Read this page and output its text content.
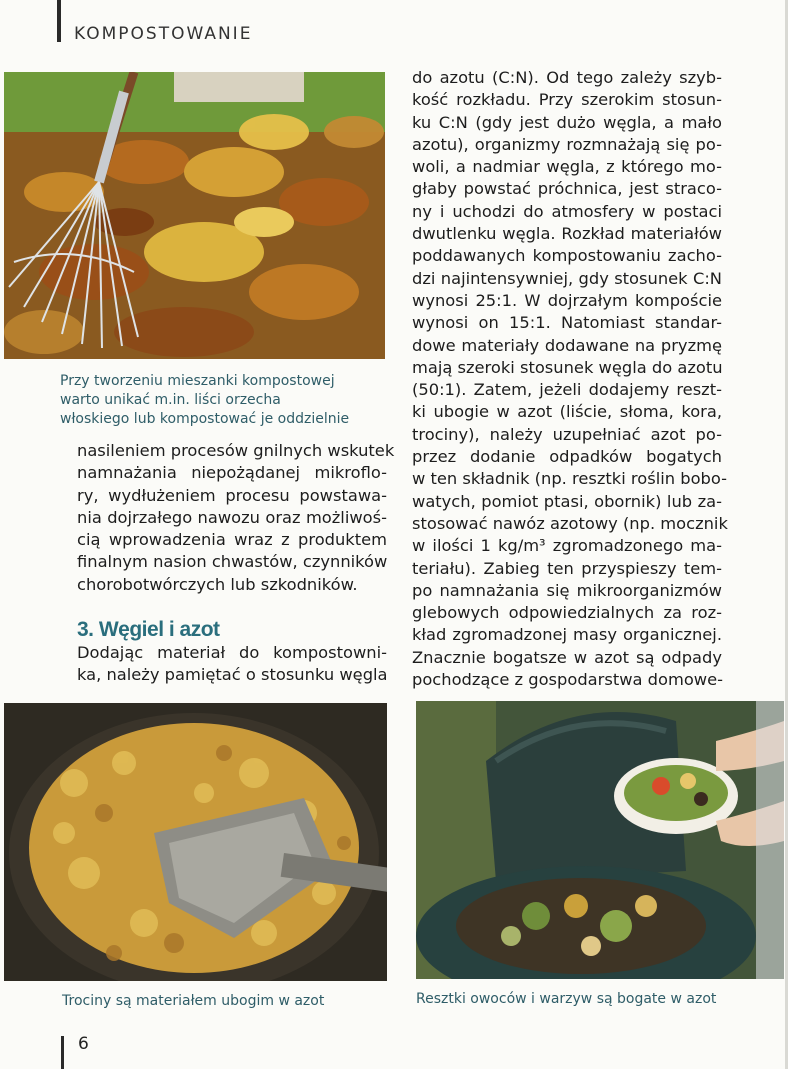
KOMPOSTOWANIE
Przy tworzeniu mieszanki kompostowej
warto unikać m.in. liści orzecha
włoskiego lub kompostować je oddzielnie
nasileniem procesów gnilnych wskutek
namnażania niepożądanej mikroflo-
ry, wydłużeniem procesu powstawa-
nia dojrzałego nawozu oraz możliwoś-
cią wprowadzenia wraz z produktem
finalnym nasion chwastów, czynników
chorobotwórczych lub szkodników.
3. Węgiel i azot
Dodając materiał do kompostowni-
ka, należy pamiętać o stosunku węgla
do azotu (C:N). Od tego zależy szyb-
kość rozkładu. Przy szerokim stosun-
ku C:N (gdy jest dużo węgla, a mało
azotu), organizmy rozmnażają się po-
woli, a nadmiar węgla, z którego mo-
głaby powstać próchnica, jest straco-
ny i uchodzi do atmosfery w postaci
dwutlenku węgla. Rozkład materiałów
poddawanych kompostowaniu zacho-
dzi najintensywniej, gdy stosunek C:N
wynosi 25:1. W dojrzałym kompoście
wynosi on 15:1. Natomiast standar-
dowe materiały dodawane na pryzmę
mają szeroki stosunek węgla do azotu
(50:1). Zatem, jeżeli dodajemy reszt-
ki ubogie w azot (liście, słoma, kora,
trociny), należy uzupełniać azot po-
przez dodanie odpadków bogatych
w ten składnik (np. resztki roślin bobo-
watych, pomiot ptasi, obornik) lub za-
stosować nawóz azotowy (np. mocznik
w ilości 1 kg/m³ zgromadzonego ma-
teriału). Zabieg ten przyspieszy tem-
po namnażania się mikroorganizmów
glebowych odpowiedzialnych za roz-
kład zgromadzonej masy organicznej.
Znacznie bogatsze w azot są odpady
pochodzące z gospodarstwa domowe-
Trociny są materiałem ubogim w azot	Resztki owoców i warzyw są bogate w azot
6
